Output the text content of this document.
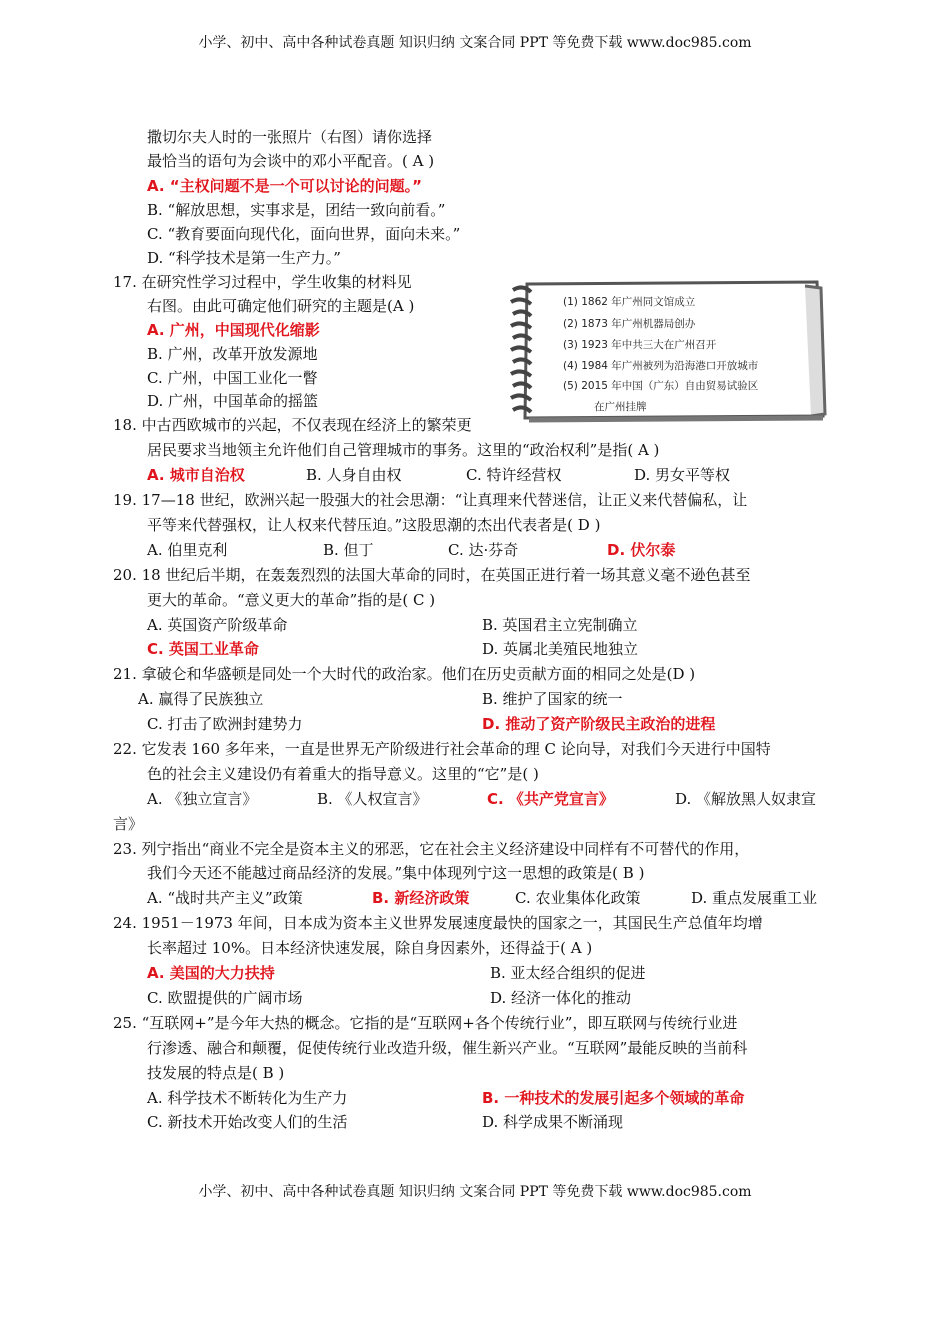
小学、初中、高中各种试卷真题 知识归纳 文案合同 PPT 等免费下载 www.doc985.com
撒切尔夫人时的一张照片（右图）请你选择
最恰当的语句为会谈中的邓小平配音。( A )
A. “主权问题不是一个可以讨论的问题。”
B. “解放思想，实事求是，团结一致向前看。”
C. “教育要面向现代化，面向世界，面向未来。”
D. “科学技术是第一生产力。”
17. 在研究性学习过程中，学生收集的材料见
右图。由此可确定他们研究的主题是(A )
A. 广州，中国现代化缩影
B. 广州，改革开放发源地
C. 广州，中国工业化一瞥
D. 广州，中国革命的摇篮
18. 中古西欧城市的兴起，不仅表现在经济上的繁荣更
(1) 1862 年广州同文馆成立
(2) 1873 年广州机器局创办
(3) 1923 年中共三大在广州召开
(4) 1984 年广州被列为沿海港口开放城市
(5) 2015 年中国（广东）自由贸易试验区
在广州挂牌
居民要求当地领主允许他们自己管理城市的事务。这里的“政治权利”是指( A )
A. 城市自治权	B. 人身自由权	C. 特许经营权	D. 男女平等权
19. 17—18 世纪，欧洲兴起一股强大的社会思潮：“让真理来代替迷信，让正义来代替偏私，让
平等来代替强权，让人权来代替压迫。”这股思潮的杰出代表者是( D )
A. 伯里克利	B. 但丁	C. 达·芬奇	D. 伏尔泰
20. 18 世纪后半期，在轰轰烈烈的法国大革命的同时，在英国正进行着一场其意义毫不逊色甚至
更大的革命。“意义更大的革命”指的是( C )
A. 英国资产阶级革命	B. 英国君主立宪制确立
C. 英国工业革命	D. 英属北美殖民地独立
21. 拿破仑和华盛顿是同处一个大时代的政治家。他们在历史贡献方面的相同之处是(D )
A. 赢得了民族独立	B. 维护了国家的统一
C. 打击了欧洲封建势力	D. 推动了资产阶级民主政治的进程
22. 它发表 160 多年来，一直是世界无产阶级进行社会革命的理 C 论向导，对我们今天进行中国特
色的社会主义建设仍有着重大的指导意义。这里的“它”是( )
A. 《独立宣言》	B. 《人权宣言》	C. 《共产党宣言》	D. 《解放黑人奴隶宣
言》
23. 列宁指出“商业不完全是资本主义的邪恶，它在社会主义经济建设中同样有不可替代的作用，
我们今天还不能越过商品经济的发展。”集中体现列宁这一思想的政策是( B )
A. “战时共产主义”政策	B. 新经济政策	C. 农业集体化政策	D. 重点发展重工业
24. 1951－1973 年间，日本成为资本主义世界发展速度最快的国家之一，其国民生产总值年均增
长率超过 10%。日本经济快速发展，除自身因素外，还得益于( A )
A. 美国的大力扶持	B. 亚太经合组织的促进
C. 欧盟提供的广阔市场	D. 经济一体化的推动
25. “互联网+”是今年大热的概念。它指的是“互联网+各个传统行业”，即互联网与传统行业进
行渗透、融合和颠覆，促使传统行业改造升级，催生新兴产业。“互联网”最能反映的当前科
技发展的特点是( B )
A. 科学技术不断转化为生产力	B. 一种技术的发展引起多个领域的革命
C. 新技术开始改变人们的生活	D. 科学成果不断涌现
小学、初中、高中各种试卷真题 知识归纳 文案合同 PPT 等免费下载 www.doc985.com
